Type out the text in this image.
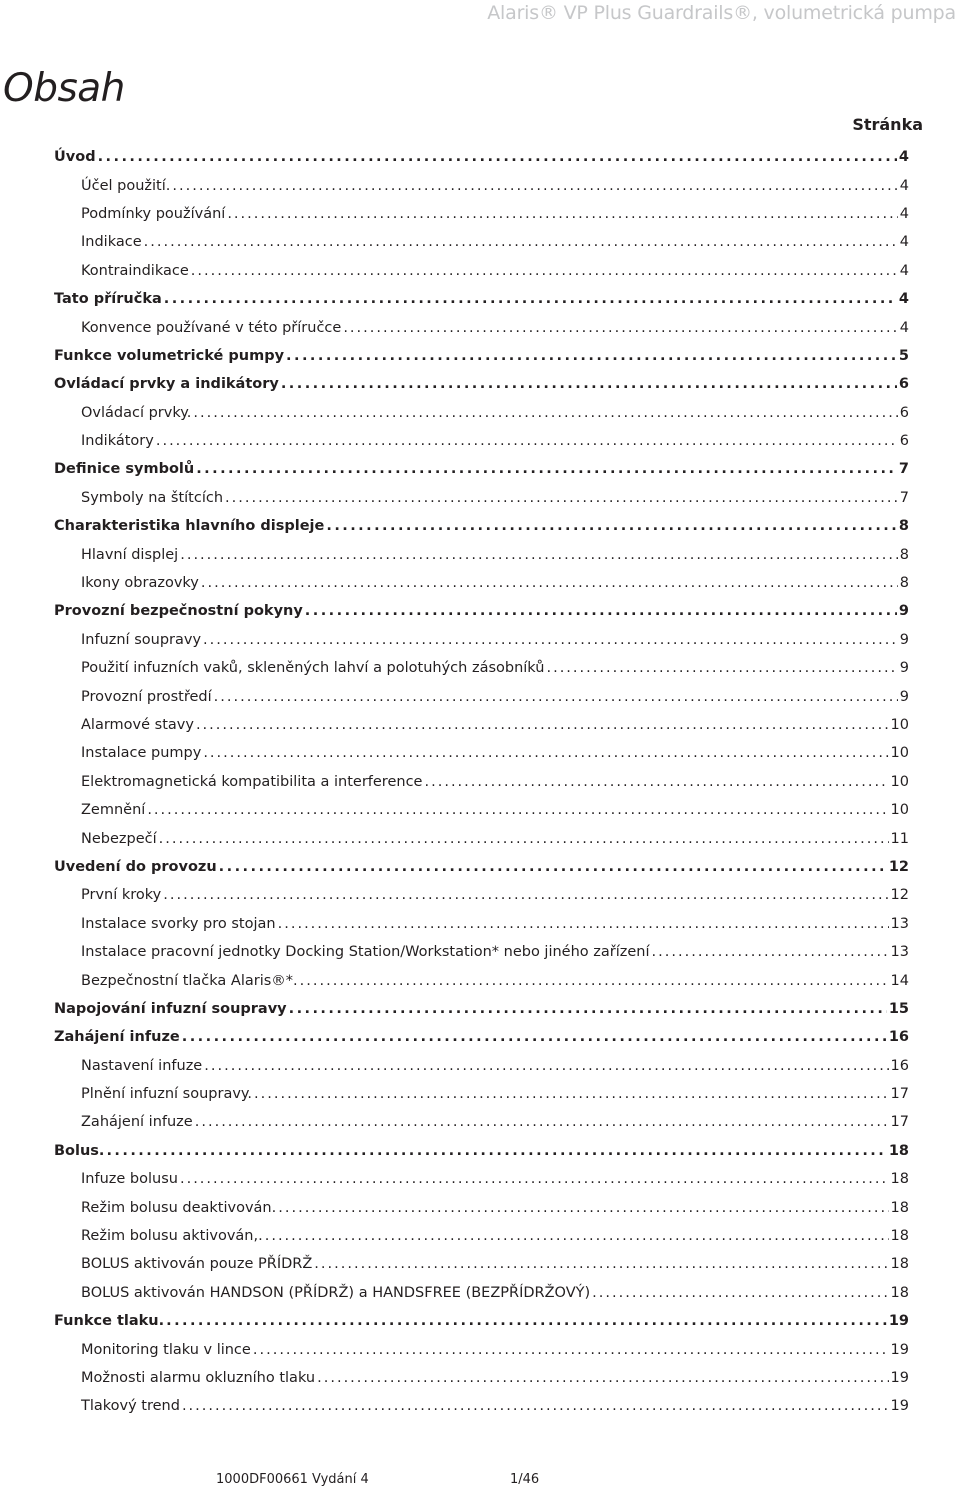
Alaris® VP Plus Guardrails®, volumetrická pumpa
Obsah
Stránka
Úvod . . .	4
Účel použití. . . .	4
Podmínky používání . . .	4
Indikace . . .	4
Kontraindikace . . .	4
Tato příručka . . .	4
Konvence používané v této příručce . . .	4
Funkce volumetrické pumpy . . .	5
Ovládací prvky a indikátory . . .	6
Ovládací prvky. . . .	6
Indikátory . . .	6
Definice symbolů . . .	7
Symboly na štítcích . . .	7
Charakteristika hlavního displeje . . .	8
Hlavní displej . . .	8
Ikony obrazovky . . .	8
Provozní bezpečnostní pokyny . . .	9
Infuzní soupravy . . .	9
Použití infuzních vaků, skleněných lahví a polotuhých zásobníků . . .	9
Provozní prostředí . . .	9
Alarmové stavy . . .	10
Instalace pumpy . . .	10
Elektromagnetická kompatibilita a interference . . .	10
Zemnění . . .	10
Nebezpečí . . .	11
Uvedení do provozu . . .	12
První kroky . . .	12
Instalace svorky pro stojan . . .	13
Instalace pracovní jednotky Docking Station/Workstation* nebo jiného zařízení . . .	13
Bezpečnostní tlačka Alaris®*. . . .	14
Napojování infuzní soupravy . . .	15
Zahájení infuze . . .	16
Nastavení infuze . . .	16
Plnění infuzní soupravy. . . .	17
Zahájení infuze . . .	17
Bolus. . . .	18
Infuze bolusu . . .	18
Režim bolusu deaktivován. . . .	18
Režim bolusu aktivován,. . . .	18
BOLUS aktivován pouze PŘÍDRŽ . . .	18
BOLUS aktivován HANDSON (PŘÍDRŽ) a HANDSFREE (BEZPŘÍDRŽOVÝ) . . .	18
Funkce tlaku. . . .	19
Monitoring tlaku v lince . . .	19
Možnosti alarmu okluzního tlaku . . .	19
Tlakový trend . . .	19
1000DF00661 Vydání 4	1/46
